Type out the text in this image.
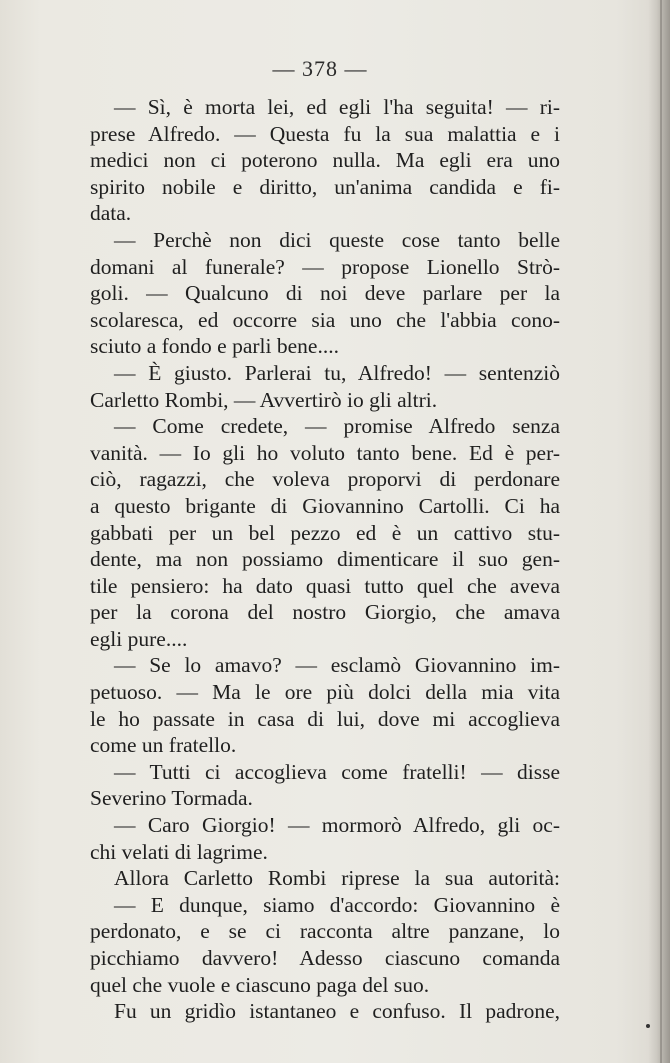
— 378 —
— Sì, è morta lei, ed egli l'ha seguita! — ri-
prese Alfredo. — Questa fu la sua malattia e i
medici non ci poterono nulla. Ma egli era uno
spirito nobile e diritto, un'anima candida e fi-
data.
— Perchè non dici queste cose tanto belle
domani al funerale? — propose Lionello Strò-
goli. — Qualcuno di noi deve parlare per la
scolaresca, ed occorre sia uno che l'abbia cono-
sciuto a fondo e parli bene....
— È giusto. Parlerai tu, Alfredo! — sentenziò
Carletto Rombi, — Avvertirò io gli altri.
— Come credete, — promise Alfredo senza
vanità. — Io gli ho voluto tanto bene. Ed è per-
ciò, ragazzi, che voleva proporvi di perdonare
a questo brigante di Giovannino Cartolli. Ci ha
gabbati per un bel pezzo ed è un cattivo stu-
dente, ma non possiamo dimenticare il suo gen-
tile pensiero: ha dato quasi tutto quel che aveva
per la corona del nostro Giorgio, che amava
egli pure....
— Se lo amavo? — esclamò Giovannino im-
petuoso. — Ma le ore più dolci della mia vita
le ho passate in casa di lui, dove mi accoglieva
come un fratello.
— Tutti ci accoglieva come fratelli! — disse
Severino Tormada.
— Caro Giorgio! — mormorò Alfredo, gli oc-
chi velati di lagrime.
Allora Carletto Rombi riprese la sua autorità:
— E dunque, siamo d'accordo: Giovannino è
perdonato, e se ci racconta altre panzane, lo
picchiamo davvero! Adesso ciascuno comanda
quel che vuole e ciascuno paga del suo.
Fu un gridìo istantaneo e confuso. Il padrone,
